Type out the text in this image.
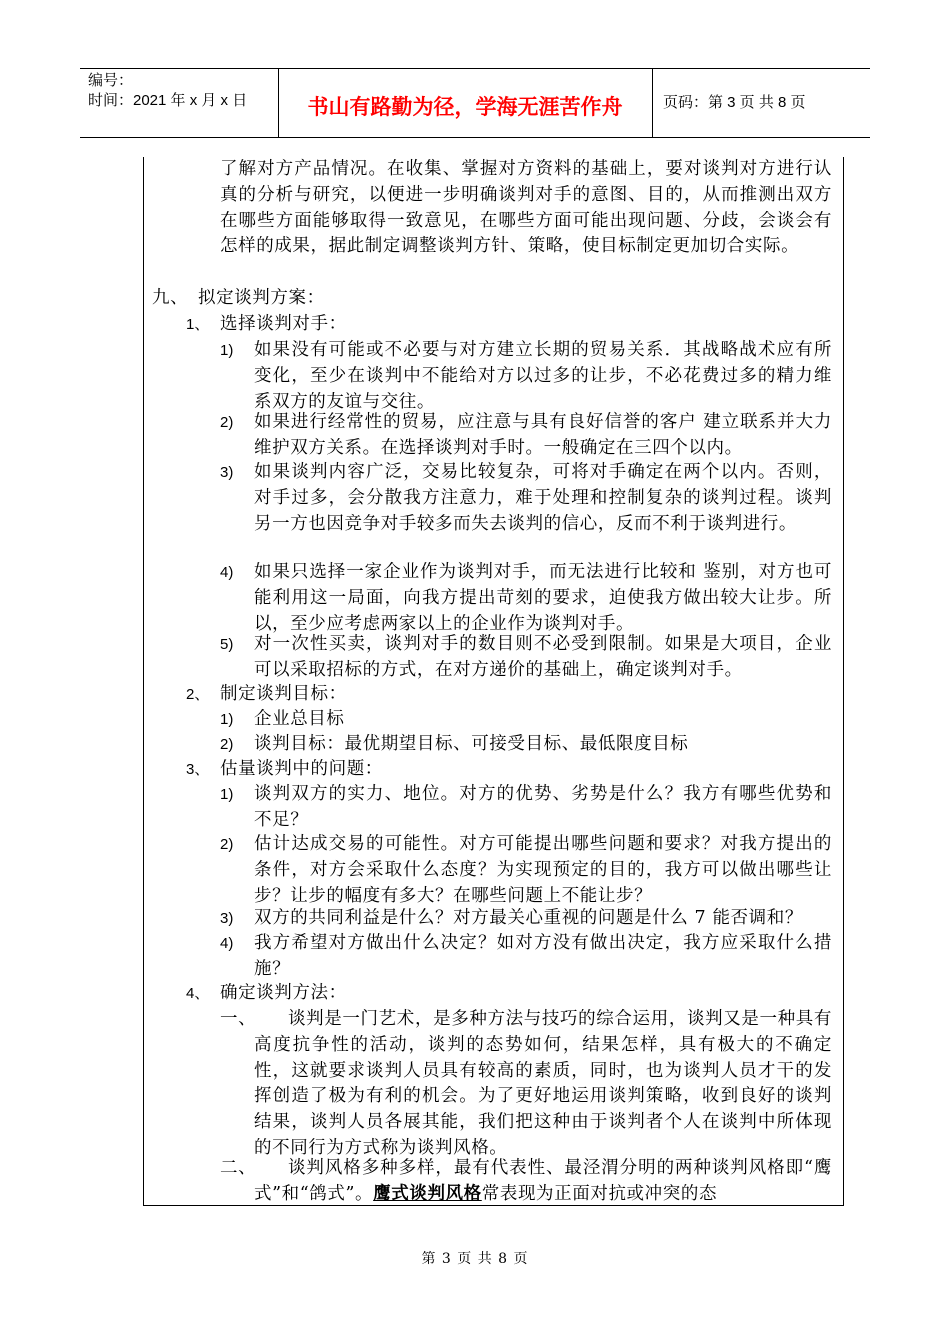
编号：
时间：2021 年 x 月 x 日	书山有路勤为径，学海无涯苦作舟	页码：第 3 页 共 8 页
了解对方产品情况。在收集、掌握对方资料的基础上，要对谈判对方进行认真的分析与研究，以便进一步明确谈判对手的意图、目的，从而推测出双方在哪些方面能够取得一致意见，在哪些方面可能出现问题、分歧，会谈会有怎样的成果，据此制定调整谈判方针、策略，使目标制定更加切合实际。
九、 拟定谈判方案：
1、 选择谈判对手：
1) 如果没有可能或不必要与对方建立长期的贸易关系．其战略战术应有所变化，至少在谈判中不能给对方以过多的让步，不必花费过多的精力维系双方的友谊与交往。
2) 如果进行经常性的贸易，应注意与具有良好信誉的客户 建立联系并大力维护双方关系。在选择谈判对手时。一般确定在三四个以内。
3) 如果谈判内容广泛，交易比较复杂，可将对手确定在两个以内。否则，对手过多，会分散我方注意力，难于处理和控制复杂的谈判过程。谈判另一方也因竞争对手较多而失去谈判的信心，反而不利于谈判进行。
4) 如果只选择一家企业作为谈判对手，而无法进行比较和 鉴别，对方也可能利用这一局面，向我方提出苛刻的要求，迫使我方做出较大让步。所以，至少应考虑两家以上的企业作为谈判对手。
5) 对一次性买卖，谈判对手的数目则不必受到限制。如果是大项目，企业可以采取招标的方式，在对方递价的基础上，确定谈判对手。
2、 制定谈判目标：
1) 企业总目标
2) 谈判目标：最优期望目标、可接受目标、最低限度目标
3、 估量谈判中的问题：
1) 谈判双方的实力、地位。对方的优势、劣势是什么？我方有哪些优势和不足？
2) 估计达成交易的可能性。对方可能提出哪些问题和要求？对我方提出的条件，对方会采取什么态度？为实现预定的目的，我方可以做出哪些让步？让步的幅度有多大？在哪些问题上不能让步？
3) 双方的共同利益是什么？对方最关心重视的问题是什么 7 能否调和？
4) 我方希望对方做出什么决定？如对方没有做出决定，我方应采取什么措施？
4、 确定谈判方法：
一、	谈判是一门艺术，是多种方法与技巧的综合运用，谈判又是一种具有高度抗争性的活动，谈判的态势如何，结果怎样，具有极大的不确定性，这就要求谈判人员具有较高的素质，同时，也为谈判人员才干的发挥创造了极为有利的机会。为了更好地运用谈判策略，收到良好的谈判结果，谈判人员各展其能，我们把这种由于谈判者个人在谈判中所体现的不同行为方式称为谈判风格。
二、	谈判风格多种多样，最有代表性、最泾渭分明的两种谈判风格即“鹰式”和“鸽式”。鹰式谈判风格常表现为正面对抗或冲突的态
第 3 页 共 8 页
